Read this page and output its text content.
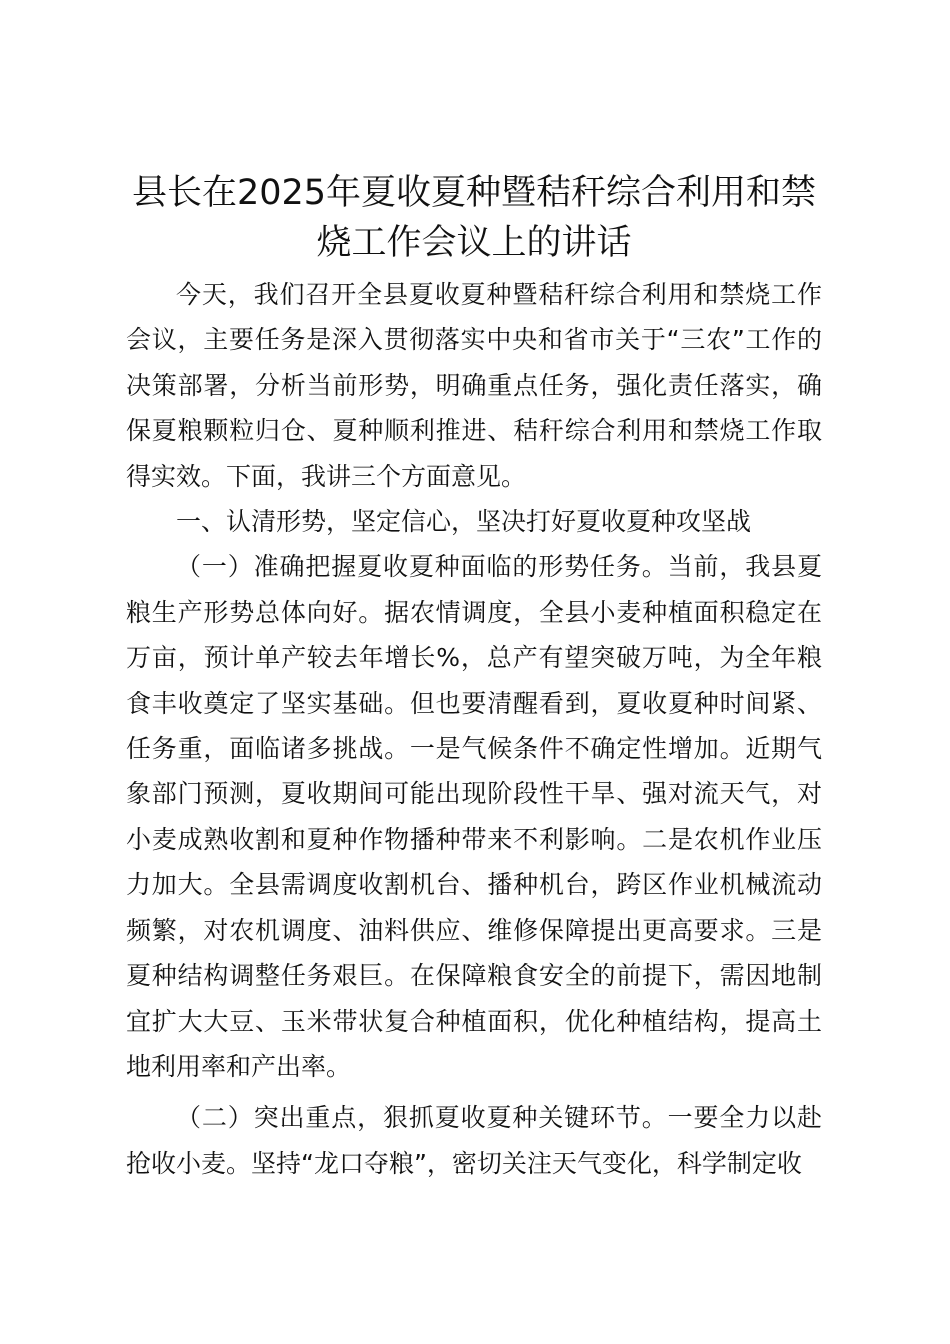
县长在2025年夏收夏种暨秸秆综合利用和禁烧工作会议上的讲话

今天，我们召开全县夏收夏种暨秸秆综合利用和禁烧工作会议，主要任务是深入贯彻落实中央和省市关于“三农”工作的决策部署，分析当前形势，明确重点任务，强化责任落实，确保夏粮颗粒归仓、夏种顺利推进、秸秆综合利用和禁烧工作取得实效。下面，我讲三个方面意见。

一、认清形势，坚定信心，坚决打好夏收夏种攻坚战

（一）准确把握夏收夏种面临的形势任务。当前，我县夏粮生产形势总体向好。据农情调度，全县小麦种植面积稳定在万亩，预计单产较去年增长%，总产有望突破万吨，为全年粮食丰收奠定了坚实基础。但也要清醒看到，夏收夏种时间紧、任务重，面临诸多挑战。一是气候条件不确定性增加。近期气象部门预测，夏收期间可能出现阶段性干旱、强对流天气，对小麦成熟收割和夏种作物播种带来不利影响。二是农机作业压力加大。全县需调度收割机台、播种机台，跨区作业机械流动频繁，对农机调度、油料供应、维修保障提出更高要求。三是夏种结构调整任务艰巨。在保障粮食安全的前提下，需因地制宜扩大大豆、玉米带状复合种植面积，优化种植结构，提高土地利用率和产出率。

（二）突出重点，狠抓夏收夏种关键环节。一要全力以赴抢收小麦。坚持“龙口夺粮”，密切关注天气变化，科学制定收
